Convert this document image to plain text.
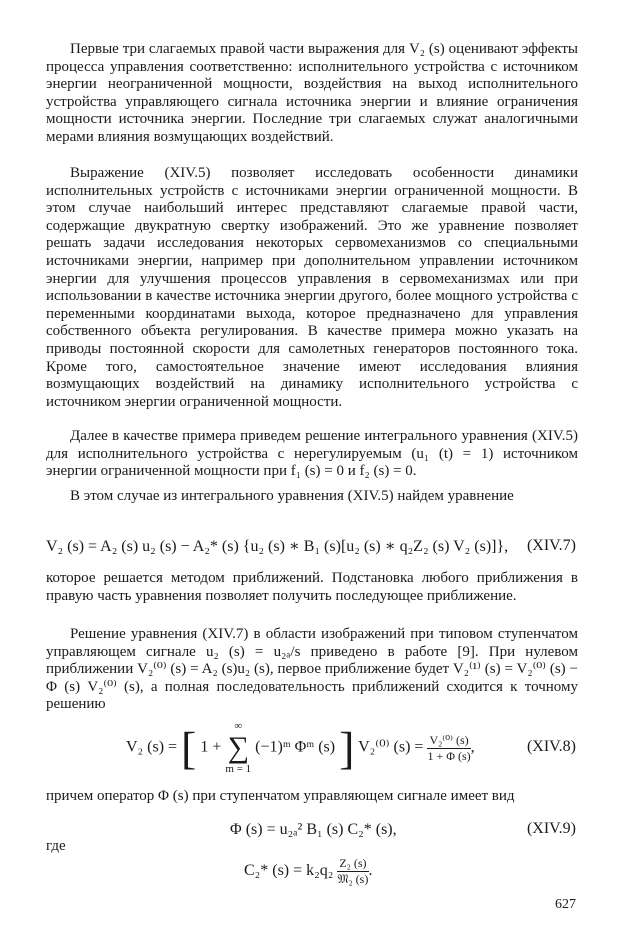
Первые три слагаемых правой части выражения для V₂ (s) оценивают эффекты процесса управления соответственно: исполнительного устройства с источником энергии неограниченной мощности, воздействия на выход исполнительного устройства управляющего сигнала источника энергии и влияние ограничения мощности источника энергии. Последние три слагаемых служат аналогичными мерами влияния возмущающих воздействий.

Выражение (XIV.5) позволяет исследовать особенности динамики исполнительных устройств с источниками энергии ограниченной мощности. В этом случае наибольший интерес представляют слагаемые правой части, содержащие двукратную свертку изображений. Это же уравнение позволяет решать задачи исследования некоторых сервомеханизмов со специальными источниками энергии, например при дополнительном управлении источником энергии для улучшения процессов управления в сервомеханизмах или при использовании в качестве источника энергии другого, более мощного устройства с переменными координатами выхода, которое предназначено для управления собственного объекта регулирования. В качестве примера можно указать на приводы постоянной скорости для самолетных генераторов постоянного тока. Кроме того, самостоятельное значение имеют исследования влияния возмущающих воздействий на динамику исполнительного устройства с источником энергии ограниченной мощности.

Далее в качестве примера приведем решение интегрального уравнения (XIV.5) для исполнительного устройства с нерегулируемым (u₁ (t) = 1) источником энергии ограниченной мощности при f₁ (s) = 0 и f₂ (s) = 0.

В этом случае из интегрального уравнения (XIV.5) найдем уравнение

V₂ (s) = A₂ (s) u₂ (s) − A₂* (s) {u₂ (s) ∗ B₁ (s)[u₂ (s) ∗ q₂Z₂ (s) V₂ (s)]}, (XIV.7)

которое решается методом приближений. Подстановка любого приближения в правую часть уравнения позволяет получить последующее приближение.

Решение уравнения (XIV.7) в области изображений при типовом ступенчатом управляющем сигнале u₂ (s) = u₂ₐ/s приведено в работе [9]. При нулевом приближении V₂⁽⁰⁾ (s) = A₂ (s)u₂ (s), первое приближение будет V₂⁽¹⁾ (s) = V₂⁽⁰⁾ (s) − Φ (s) V₂⁽⁰⁾ (s), а полная последовательность приближений сходится к точному решению

V₂ (s) = [ 1 +
∞
∑
m = 1
(−1)ᵐ Φᵐ (s) ] V₂⁽⁰⁾ $(s) = \frac{\text{V₂⁽⁰⁾ (s)}}{1 + \Phi (s)}$ ,	(XIV.8)

причем оператор Φ (s) при ступенчатом управляющем сигнале имеет вид

Φ (s) = u₂ₐ² B₁ (s) C₂* (s),	(XIV.9)

где

C₂* $(s) = k_2q_2 \frac{\text{Z₂ (s)}}{\text{𝔐₂ (s)}}$ .
627
